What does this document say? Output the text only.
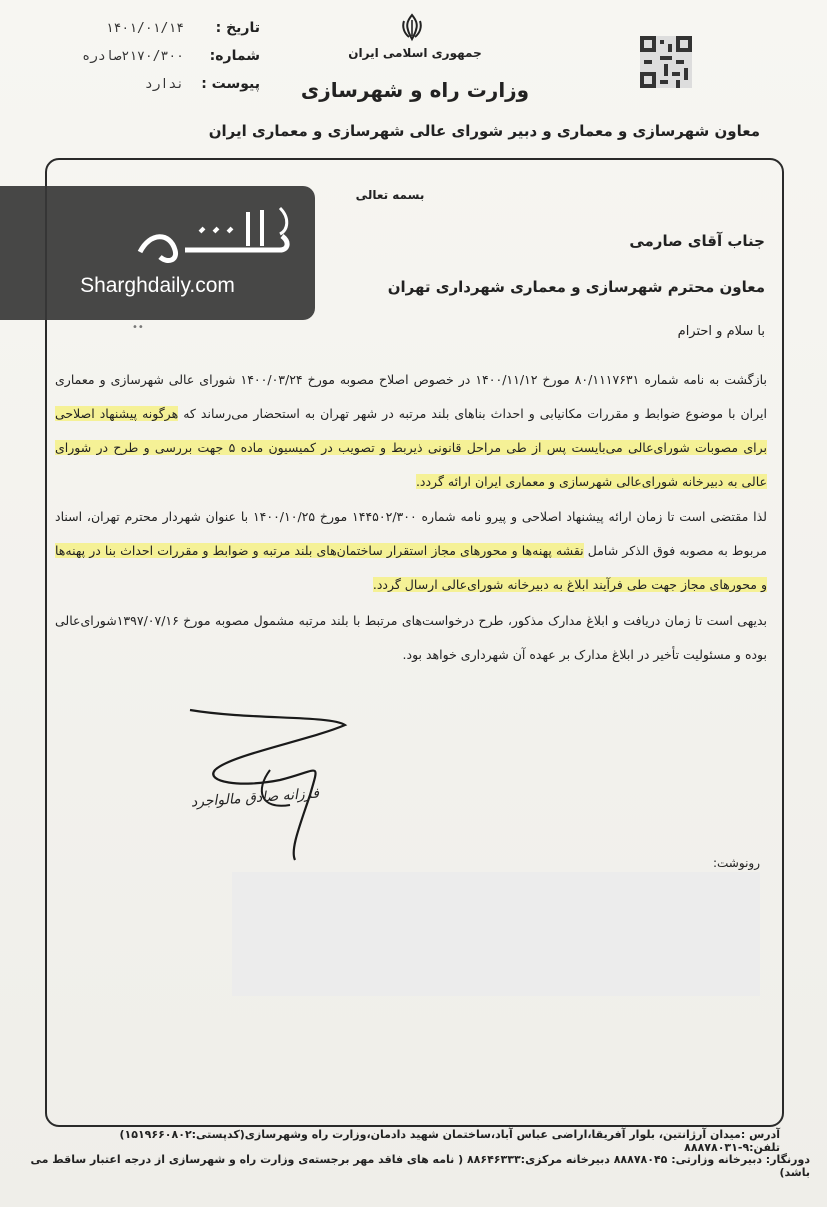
تاریخ :
۱۴۰۱/۰۱/۱۴
شماره:
۲۱۷۰/۳۰۰صادره
پیوست :
ندارد
جمهوری اسلامی ایران
وزارت راه و شهرسازی
معاون شهرسازی و معماری و دبیر شورای عالی شهرسازی و معماری ایران
بسمه تعالی
جناب آقای صارمی
معاون محترم شهرسازی و معماری شهرداری تهران
با سلام و احترام
بازگشت به نامه شماره ۸۰/۱۱۱۷۶۳۱ مورخ ۱۴۰۰/۱۱/۱۲ در خصوص اصلاح مصوبه مورخ ۱۴۰۰/۰۳/۲۴ شورای عالی شهرسازی و معماری ایران با موضوع ضوابط و مقررات مکانیابی و احداث بناهای بلند مرتبه در شهر تهران به استحضار می‌رساند که هرگونه پیشنهاد اصلاحی برای مصوبات شورای‌عالی می‌بایست پس از طی مراحل قانونی ذیربط و تصویب در کمیسیون ماده ۵ جهت بررسی و طرح در شورای عالی به دبیرخانه شورای‌عالی شهرسازی و معماری ایران ارائه گردد.
لذا مقتضی است تا زمان ارائه پیشنهاد اصلاحی و پیرو نامه شماره ۱۴۴۵۰۲/۳۰۰ مورخ ۱۴۰۰/۱۰/۲۵ با عنوان شهردار محترم تهران، اسناد مربوط به مصوبه فوق الذکر شامل نقشه پهنه‌ها و محورهای مجاز استقرار ساختمان‌های بلند مرتبه و ضوابط و مقررات احداث بنا در پهنه‌ها و محورهای مجاز جهت طی فرآیند ابلاغ به دبیرخانه شورای‌عالی ارسال گردد.
بدیهی است تا زمان دریافت و ابلاغ مدارک مذکور، طرح درخواست‌های مرتبط با بلند مرتبه مشمول مصوبه مورخ ۱۳۹۷/۰۷/۱۶شورای‌عالی بوده و مسئولیت تأخیر در ابلاغ مدارک بر عهده آن شهرداری خواهد بود.
فرزانه صادق مالواجرد
رونوشت:
آدرس :میدان آرژانتین، بلوار آفریقا،اراضی عباس آباد،ساختمان شهید دادمان،وزارت راه وشهرسازی(کدپستی:۱۵۱۹۶۶۰۸۰۲) تلفن:۹-۸۸۸۷۸۰۳۱
دورنگار: دبیرخانه وزارتی: ۸۸۸۷۸۰۴۵ دبیرخانه مرکزی:۸۸۶۴۶۳۳۳ ( نامه های فاقد مهر برجسته‌ی وزارت راه و شهرسازی از درجه اعتبار ساقط می باشد)
Sharghdaily.com
••
